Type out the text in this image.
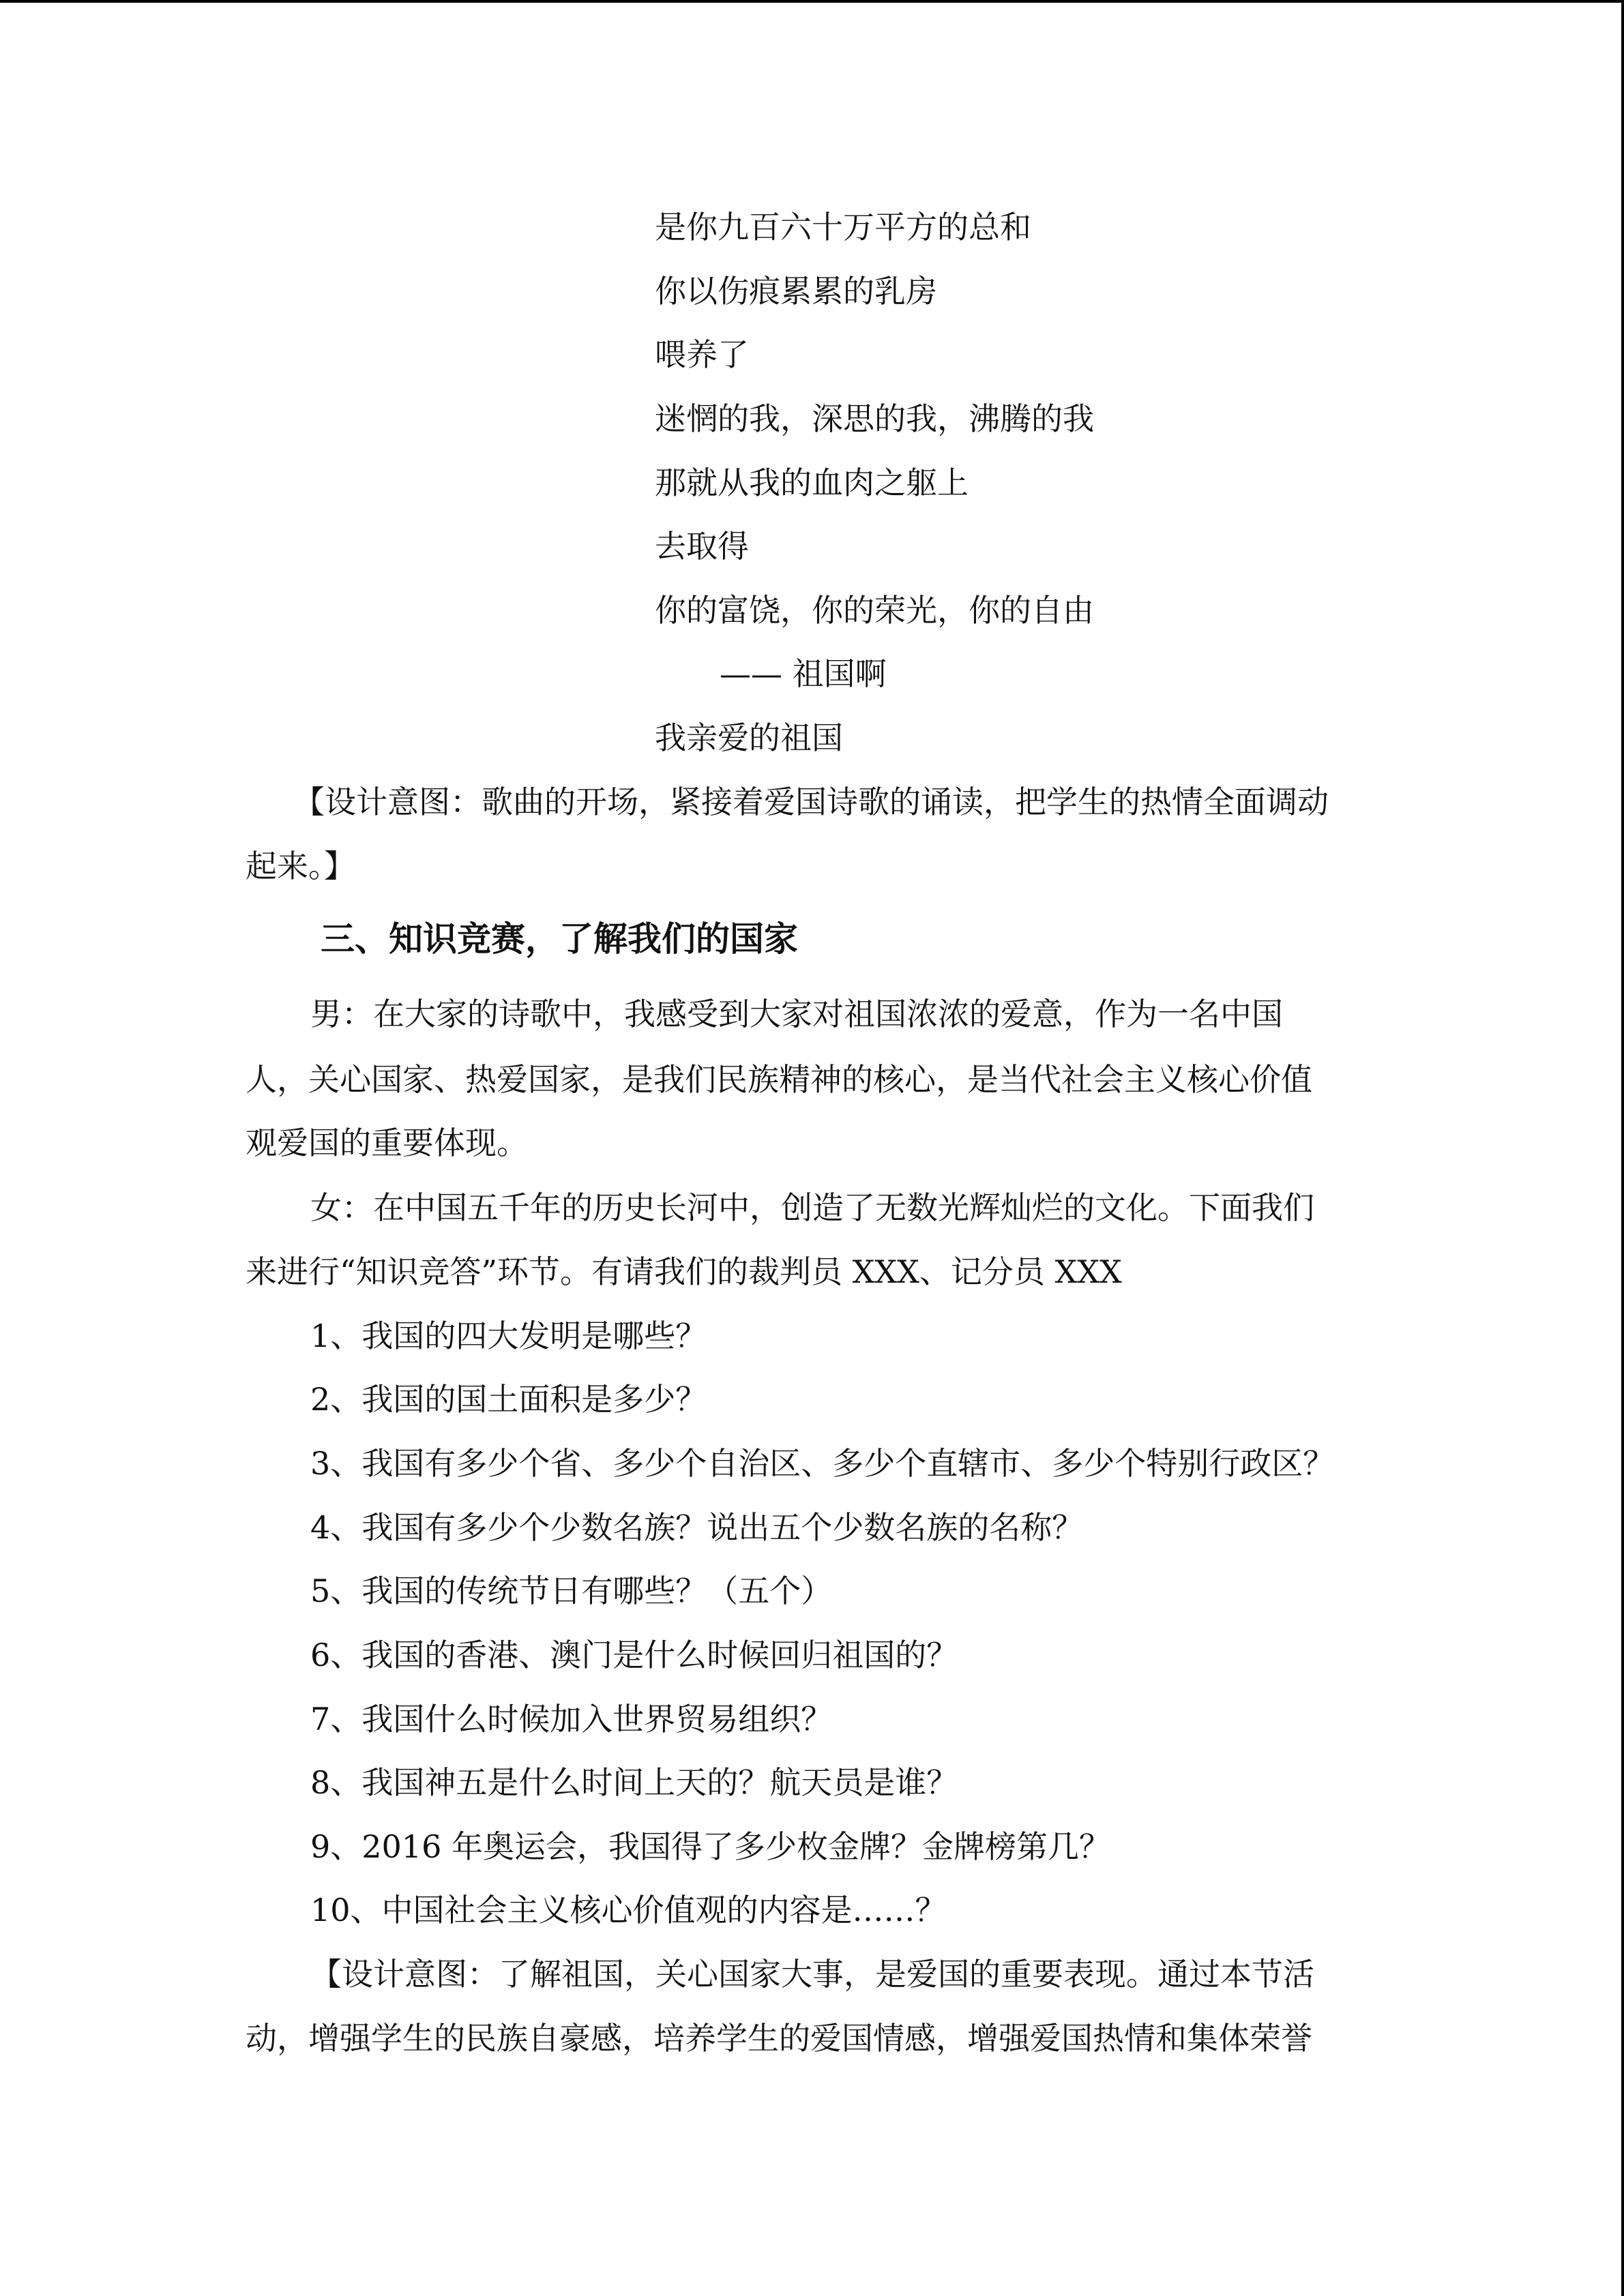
是你九百六十万平方的总和
你以伤痕累累的乳房
喂养了
迷惘的我，深思的我，沸腾的我
那就从我的血肉之躯上
去取得
你的富饶，你的荣光，你的自由
—— 祖国啊
我亲爱的祖国
【设计意图：歌曲的开场，紧接着爱国诗歌的诵读，把学生的热情全面调动
起来。】
三、知识竞赛，了解我们的国家
男：在大家的诗歌中，我感受到大家对祖国浓浓的爱意，作为一名中国
人，关心国家、热爱国家，是我们民族精神的核心，是当代社会主义核心价值
观爱国的重要体现。
女：在中国五千年的历史长河中，创造了无数光辉灿烂的文化。下面我们
来进行“知识竞答”环节。有请我们的裁判员 XXX、记分员 XXX
1、我国的四大发明是哪些？
2、我国的国土面积是多少？
3、我国有多少个省、多少个自治区、多少个直辖市、多少个特别行政区？
4、我国有多少个少数名族？说出五个少数名族的名称？
5、我国的传统节日有哪些？（五个）
6、我国的香港、澳门是什么时候回归祖国的？
7、我国什么时候加入世界贸易组织？
8、我国神五是什么时间上天的？航天员是谁？
9、2016 年奥运会，我国得了多少枚金牌？金牌榜第几？
10、中国社会主义核心价值观的内容是……？
【设计意图：了解祖国，关心国家大事，是爱国的重要表现。通过本节活
动，增强学生的民族自豪感，培养学生的爱国情感，增强爱国热情和集体荣誉
